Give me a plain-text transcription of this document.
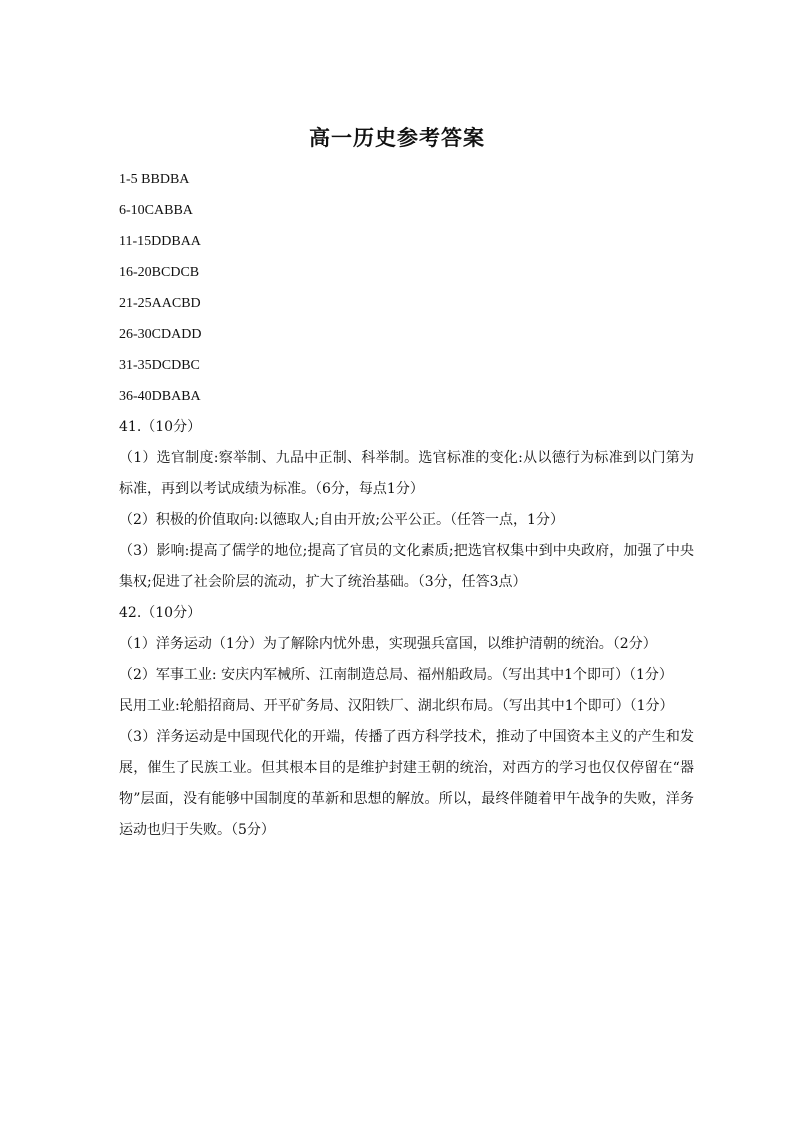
高一历史参考答案
1-5 BBDBA
6-10CABBA
11-15DDBAA
16-20BCDCB
21-25AACBD
26-30CDADD
31-35DCDBC
36-40DBABA
41.（10分）
（1）选官制度:察举制、九品中正制、科举制。选官标准的变化:从以德行为标准到以门第为标准，再到以考试成绩为标准。（6分，每点1分）
（2）积极的价值取向:以德取人;自由开放;公平公正。（任答一点，1分）
（3）影响:提高了儒学的地位;提高了官员的文化素质;把选官权集中到中央政府，加强了中央集权;促进了社会阶层的流动，扩大了统治基础。（3分，任答3点）
42.（10分）
（1）洋务运动（1分）为了解除内忧外患，实现强兵富国，以维护清朝的统治。（2分）
（2）军事工业: 安庆内军械所、江南制造总局、福州船政局。（写出其中1个即可）（1分）
民用工业:轮船招商局、开平矿务局、汉阳铁厂、湖北织布局。（写出其中1个即可）（1分）
（3）洋务运动是中国现代化的开端，传播了西方科学技术，推动了中国资本主义的产生和发展，催生了民族工业。但其根本目的是维护封建王朝的统治，对西方的学习也仅仅停留在“器物”层面，没有能够中国制度的革新和思想的解放。所以，最终伴随着甲午战争的失败，洋务运动也归于失败。（5分）
